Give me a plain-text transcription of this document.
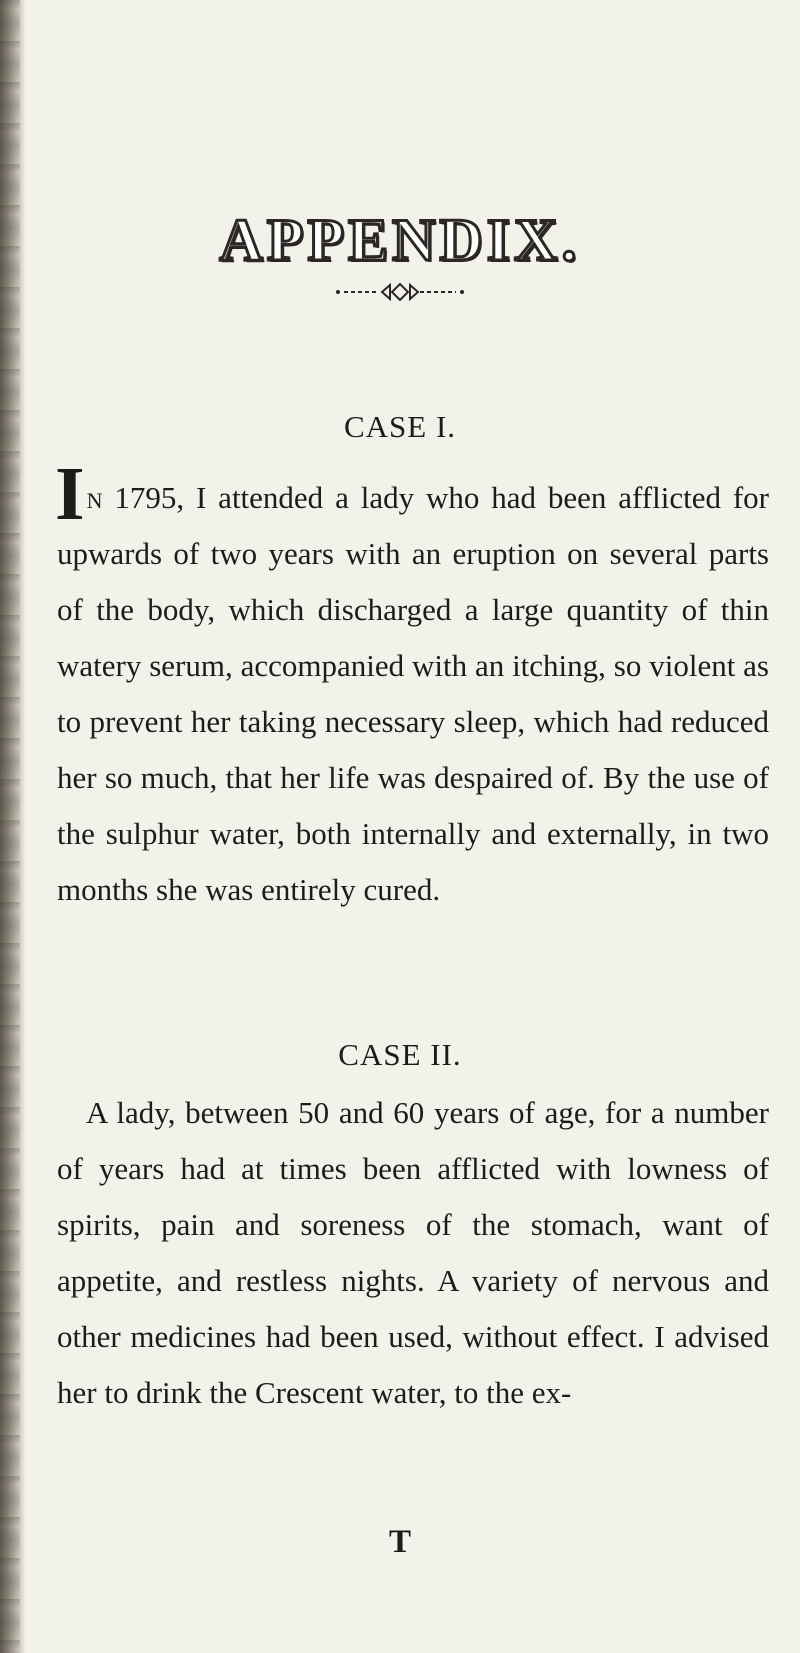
APPENDIX.
CASE I.

In 1795, I attended a lady who had been afflicted for upwards of two years with an eruption on several parts of the body, which discharged a large quantity of thin watery serum, accompanied with an itching, so violent as to prevent her taking necessary sleep, which had reduced her so much, that her life was despaired of. By the use of the sulphur water, both internally and externally, in two months she was entirely cured.

CASE II.

A lady, between 50 and 60 years of age, for a number of years had at times been afflicted with lowness of spirits, pain and soreness of the stomach, want of appetite, and restless nights. A variety of nervous and other medicines had been used, without effect. I advised her to drink the Crescent water, to the ex-

T
